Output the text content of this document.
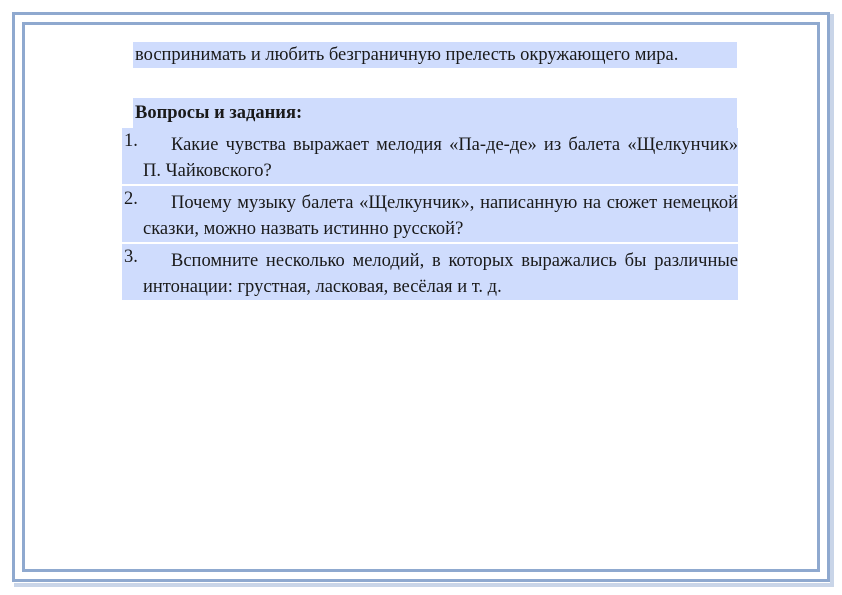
воспринимать и любить безграничную прелесть окружающего мира.
Вопросы и задания:
1.	Какие чувства выражает мелодия «Па-де-де» из балета «Щелкунчик» П. Чайковского?
2.	Почему музыку балета «Щелкунчик», написанную на сюжет немецкой сказки, можно назвать истинно русской?
3.	Вспомните несколько мелодий, в которых выражались бы различные интонации: грустная, ласковая, весёлая и т. д.
